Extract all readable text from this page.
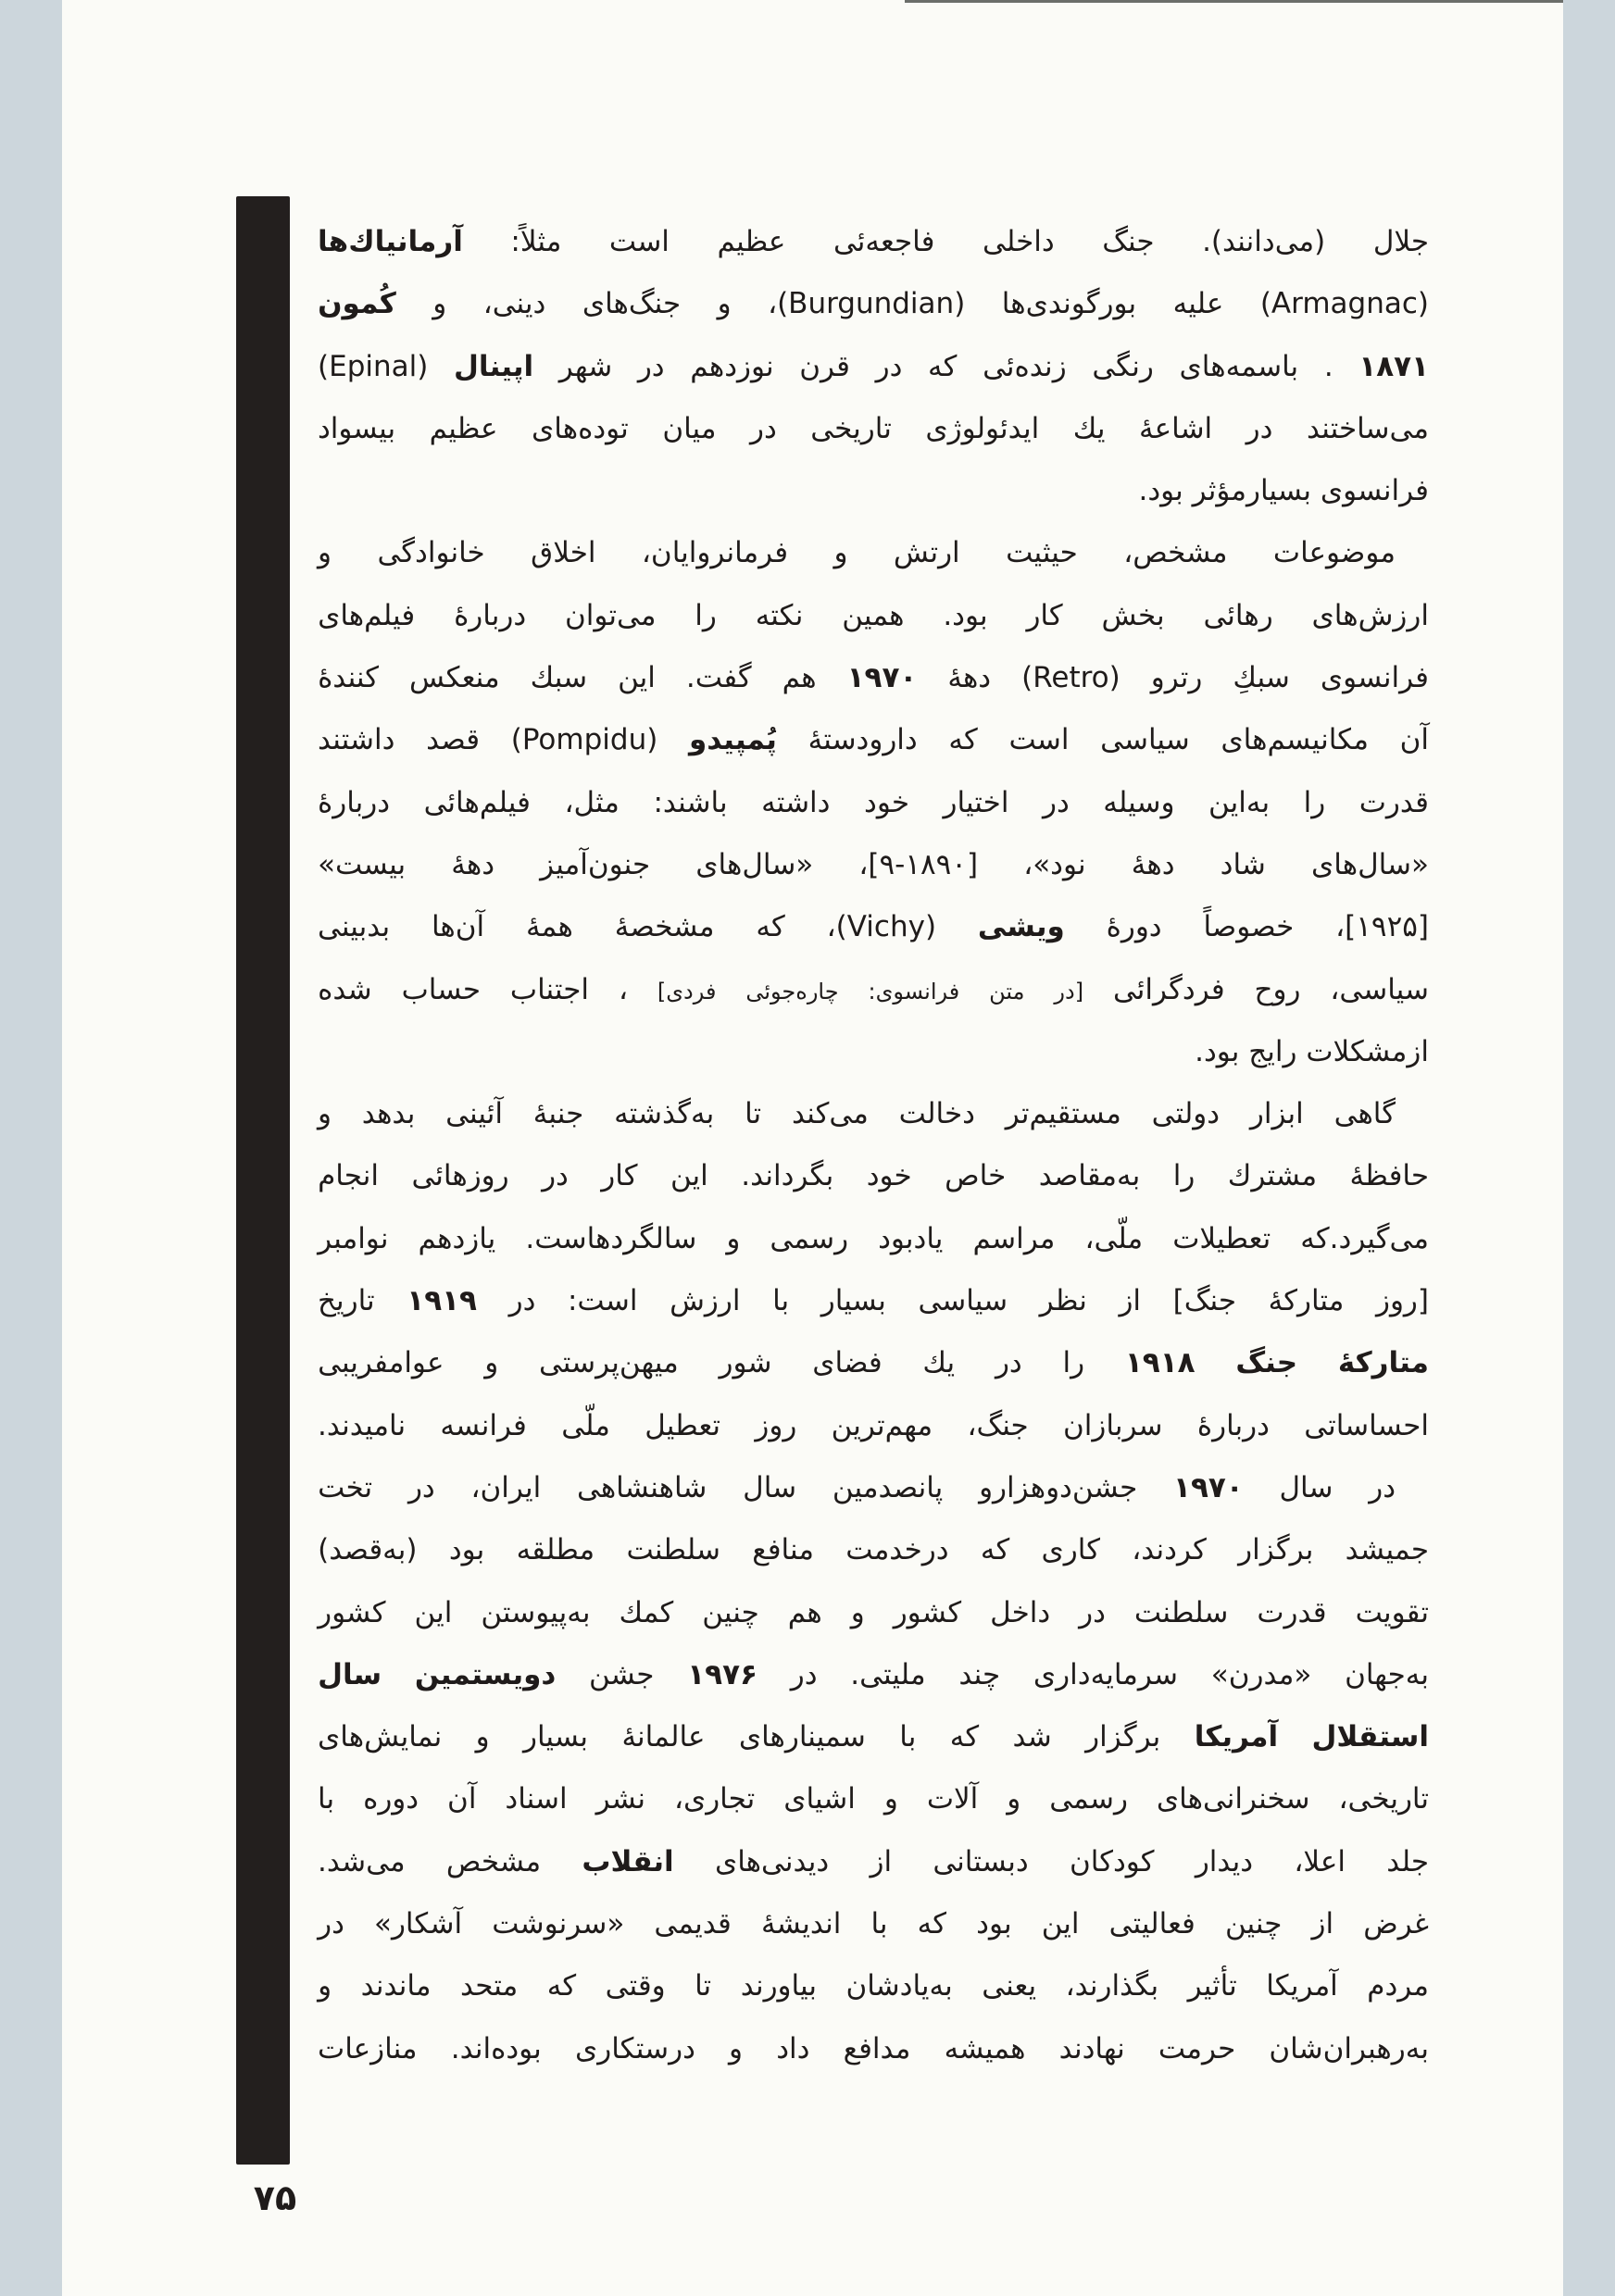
جلال
(می‌دانند).
جنگ
داخلی
فاجعه‌ئی
عظیم
است
مثلاً:
آرمانیاك‌ها
(Armagnac)
علیه
بورگوندی‌ها
(Burgundian)،
و
جنگ‌های
دینی،
و
کُمون
۱۸۷۱
.
باسمه‌های
رنگی
زنده‌ئی
که
در
قرن
نوزدهم
در
شهر
اپینال
(Epinal)
می‌ساختند
در
اشاعهٔ
یك
ایدئولوژی
تاریخی
در
میان
توده‌های
عظیم
بیسواد
فرانسوی بسیارمؤثر بود.
موضوعات
مشخص،
حیثیت
ارتش
و
فرمانروایان،
اخلاق
خانوادگی
و
ارزش‌های
رهائی
بخش
کار
بود.
همین
نکته
را
می‌توان
دربارهٔ
فیلم‌های
فرانسوی
سبكِ
رترو
(Retro)
دههٔ
۱۹۷۰
هم
گفت.
این
سبك
منعکس
کنندهٔ
آن
مکانیسم‌های
سیاسی
است
که
دارودستهٔ
پُمپیدو
(Pompidu)
قصد
داشتند
قدرت
را
به‌این
وسیله
در
اختیار
خود
داشته
باشند:
مثل،
فیلم‌هائی
دربارهٔ
«سال‌های
شاد
دههٔ
نود»،
[۹-۱۸۹۰]،
«سال‌های
جنون‌آمیز
دههٔ
بیست»
[۱۹۲۵]،
خصوصاً
دورهٔ
ویشی
(Vichy)،
که
مشخصهٔ
همهٔ
آن‌ها
بدبینی
سیاسی،
روح
فردگرائی
[در
متن
فرانسوی:
چاره‌جوئی
فردی]
،
اجتناب
حساب
شده
ازمشکلات رایج بود.
گاهی
ابزار
دولتی
مستقیم‌تر
دخالت
می‌کند
تا
به‌گذشته
جنبهٔ
آئینی
بدهد
و
حافظهٔ
مشترك
را
به‌مقاصد
خاص
خود
بگرداند.
این
کار
در
روزهائی
انجام
می‌گیرد.که
تعطیلات
ملّی،
مراسم
یادبود
رسمی
و
سالگردهاست.
یازدهم
نوامبر
[روز
متارکهٔ
جنگ]
از
نظر
سیاسی
بسیار
با
ارزش
است:
در
۱۹۱۹
تاریخ
متارکهٔ
جنگ
۱۹۱۸
را
در
یك
فضای
شور
میهن‌پرستی
و
عوامفریبی
احساساتی
دربارهٔ
سربازان
جنگ،
مهم‌ترین
روز
تعطیل
ملّی
فرانسه
نامیدند.
در
سال
۱۹۷۰
جشن‌دوهزارو
پانصدمین
سال
شاهنشاهی
ایران،
در
تخت
جمیشد
برگزار
کردند،
کاری
که
درخدمت
منافع
سلطنت
مطلقه
بود
(به‌قصد)
تقویت
قدرت
سلطنت
در
داخل
کشور
و
هم
چنین
کمك
به‌پیوستن
این
کشور
به‌جهان
«مدرن»
سرمایه‌داری
چند
ملیتی.
در
۱۹۷۶
جشن
دویستمین
سال
استقلال
آمریکا
برگزار
شد
که
با
سمینارهای
عالمانهٔ
بسیار
و
نمایش‌های
تاریخی،
سخنرانی‌های
رسمی
و
آلات
و
اشیای
تجاری،
نشر
اسناد
آن
دوره
با
جلد
اعلا،
دیدار
کودکان
دبستانی
از
دیدنی‌های
انقلاب
مشخص
می‌شد.
غرض
از
چنین
فعالیتی
این
بود
که
با
اندیشهٔ
قدیمی
«سرنوشت
آشکار»
در
مردم
آمریکا
تأثیر
بگذارند،
یعنی
به‌یادشان
بیاورند
تا
وقتی
که
متحد
ماندند
و
به‌رهبران‌شان
حرمت
نهادند
همیشه
مدافع
داد
و
درستکاری
بوده‌اند.
منازعات
۷۵
